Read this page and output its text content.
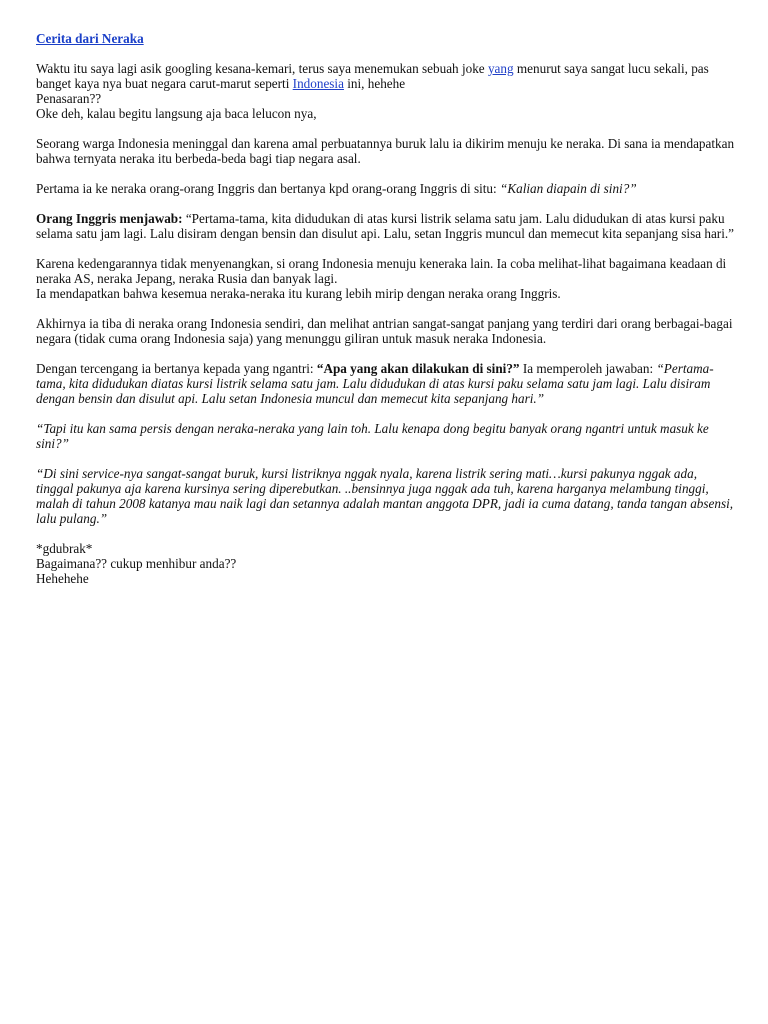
Cerita dari Neraka

Waktu itu saya lagi asik googling kesana-kemari, terus saya menemukan sebuah joke yang menurut saya sangat lucu sekali, pas banget kaya nya buat negara carut-marut seperti Indonesia ini, hehehe

Penasaran??

Oke deh, kalau begitu langsung aja baca lelucon nya,

Seorang warga Indonesia meninggal dan karena amal perbuatannya buruk lalu ia dikirim menuju ke neraka. Di sana ia mendapatkan bahwa ternyata neraka itu berbeda-beda bagi tiap negara asal.

Pertama ia ke neraka orang-orang Inggris dan bertanya kpd orang-orang Inggris di situ: “Kalian diapain di sini?”

Orang Inggris menjawab: “Pertama-tama, kita didudukan di atas kursi listrik selama satu jam. Lalu didudukan di atas kursi paku selama satu jam lagi. Lalu disiram dengan bensin dan disulut api. Lalu, setan Inggris muncul dan memecut kita sepanjang sisa hari.”

Karena kedengarannya tidak menyenangkan, si orang Indonesia menuju keneraka lain. Ia coba melihat-lihat bagaimana keadaan di neraka AS, neraka Jepang, neraka Rusia dan banyak lagi.

Ia mendapatkan bahwa kesemua neraka-neraka itu kurang lebih mirip dengan neraka orang Inggris.

Akhirnya ia tiba di neraka orang Indonesia sendiri, dan melihat antrian sangat-sangat panjang yang terdiri dari orang berbagai-bagai negara (tidak cuma orang Indonesia saja) yang menunggu giliran untuk masuk neraka Indonesia.

Dengan tercengang ia bertanya kepada yang ngantri: “Apa yang akan dilakukan di sini?” Ia memperoleh jawaban: “Pertama-tama, kita didudukan diatas kursi listrik selama satu jam. Lalu didudukan di atas kursi paku selama satu jam lagi. Lalu disiram dengan bensin dan disulut api. Lalu setan Indonesia muncul dan memecut kita sepanjang hari.”

“Tapi itu kan sama persis dengan neraka-neraka yang lain toh. Lalu kenapa dong begitu banyak orang ngantri untuk masuk ke sini?”

“Di sini service-nya sangat-sangat buruk, kursi listriknya nggak nyala, karena listrik sering mati…kursi pakunya nggak ada, tinggal pakunya aja karena kursinya sering diperebutkan. ..bensinnya juga nggak ada tuh, karena harganya melambung tinggi, malah di tahun 2008 katanya mau naik lagi dan setannya adalah mantan anggota DPR, jadi ia cuma datang, tanda tangan absensi, lalu pulang.”

*gdubrak*

Bagaimana?? cukup menhibur anda??

Hehehehe
